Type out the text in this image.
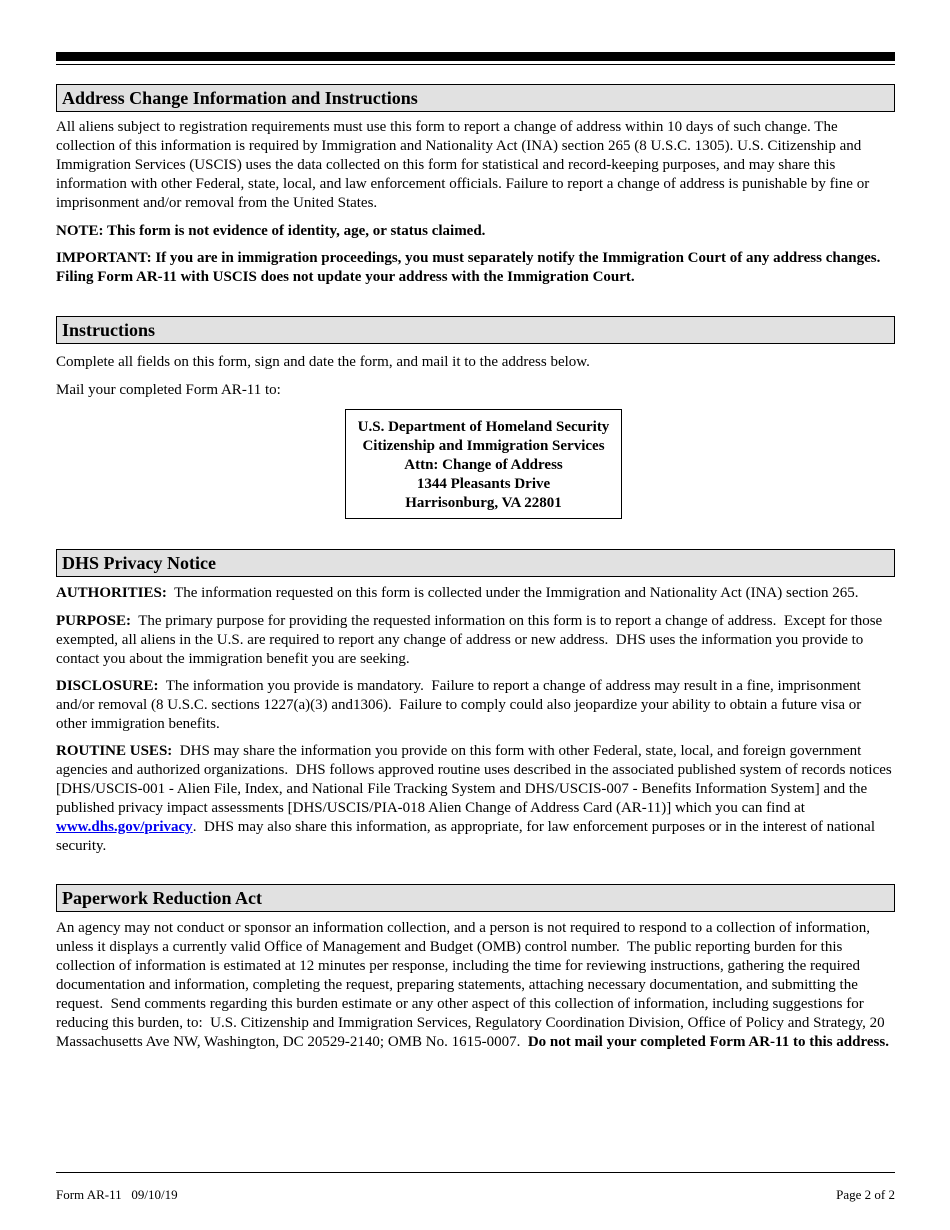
Address Change Information and Instructions

All aliens subject to registration requirements must use this form to report a change of address within 10 days of such change. The collection of this information is required by Immigration and Nationality Act (INA) section 265 (8 U.S.C. 1305). U.S. Citizenship and Immigration Services (USCIS) uses the data collected on this form for statistical and record-keeping purposes, and may share this information with other Federal, state, local, and law enforcement officials. Failure to report a change of address is punishable by fine or imprisonment and/or removal from the United States.

NOTE: This form is not evidence of identity, age, or status claimed.

IMPORTANT: If you are in immigration proceedings, you must separately notify the Immigration Court of any address changes. Filing Form AR-11 with USCIS does not update your address with the Immigration Court.

Instructions

Complete all fields on this form, sign and date the form, and mail it to the address below.

Mail your completed Form AR-11 to:

U.S. Department of Homeland Security
Citizenship and Immigration Services
Attn: Change of Address
1344 Pleasants Drive
Harrisonburg, VA 22801
DHS Privacy Notice

AUTHORITIES:  The information requested on this form is collected under the Immigration and Nationality Act (INA) section 265.

PURPOSE:  The primary purpose for providing the requested information on this form is to report a change of address.  Except for those exempted, all aliens in the U.S. are required to report any change of address or new address.  DHS uses the information you provide to contact you about the immigration benefit you are seeking.

DISCLOSURE:  The information you provide is mandatory.  Failure to report a change of address may result in a fine, imprisonment and/or removal (8 U.S.C. sections 1227(a)(3) and1306).  Failure to comply could also jeopardize your ability to obtain a future visa or other immigration benefits.

ROUTINE USES:  DHS may share the information you provide on this form with other Federal, state, local, and foreign government agencies and authorized organizations.  DHS follows approved routine uses described in the associated published system of records notices [DHS/USCIS-001 - Alien File, Index, and National File Tracking System and DHS/USCIS-007 - Benefits Information System] and the published privacy impact assessments [DHS/USCIS/PIA-018 Alien Change of Address Card (AR-11)] which you can find at www.dhs.gov/privacy.  DHS may also share this information, as appropriate, for law enforcement purposes or in the interest of national security.

Paperwork Reduction Act

An agency may not conduct or sponsor an information collection, and a person is not required to respond to a collection of information, unless it displays a currently valid Office of Management and Budget (OMB) control number.  The public reporting burden for this collection of information is estimated at 12 minutes per response, including the time for reviewing instructions, gathering the required documentation and information, completing the request, preparing statements, attaching necessary documentation, and submitting the request.  Send comments regarding this burden estimate or any other aspect of this collection of information, including suggestions for reducing this burden, to:  U.S. Citizenship and Immigration Services, Regulatory Coordination Division, Office of Policy and Strategy, 20 Massachusetts Ave NW, Washington, DC 20529-2140; OMB No. 1615-0007.  Do not mail your completed Form AR-11 to this address.

Form AR-11   09/10/19	Page 2 of 2
